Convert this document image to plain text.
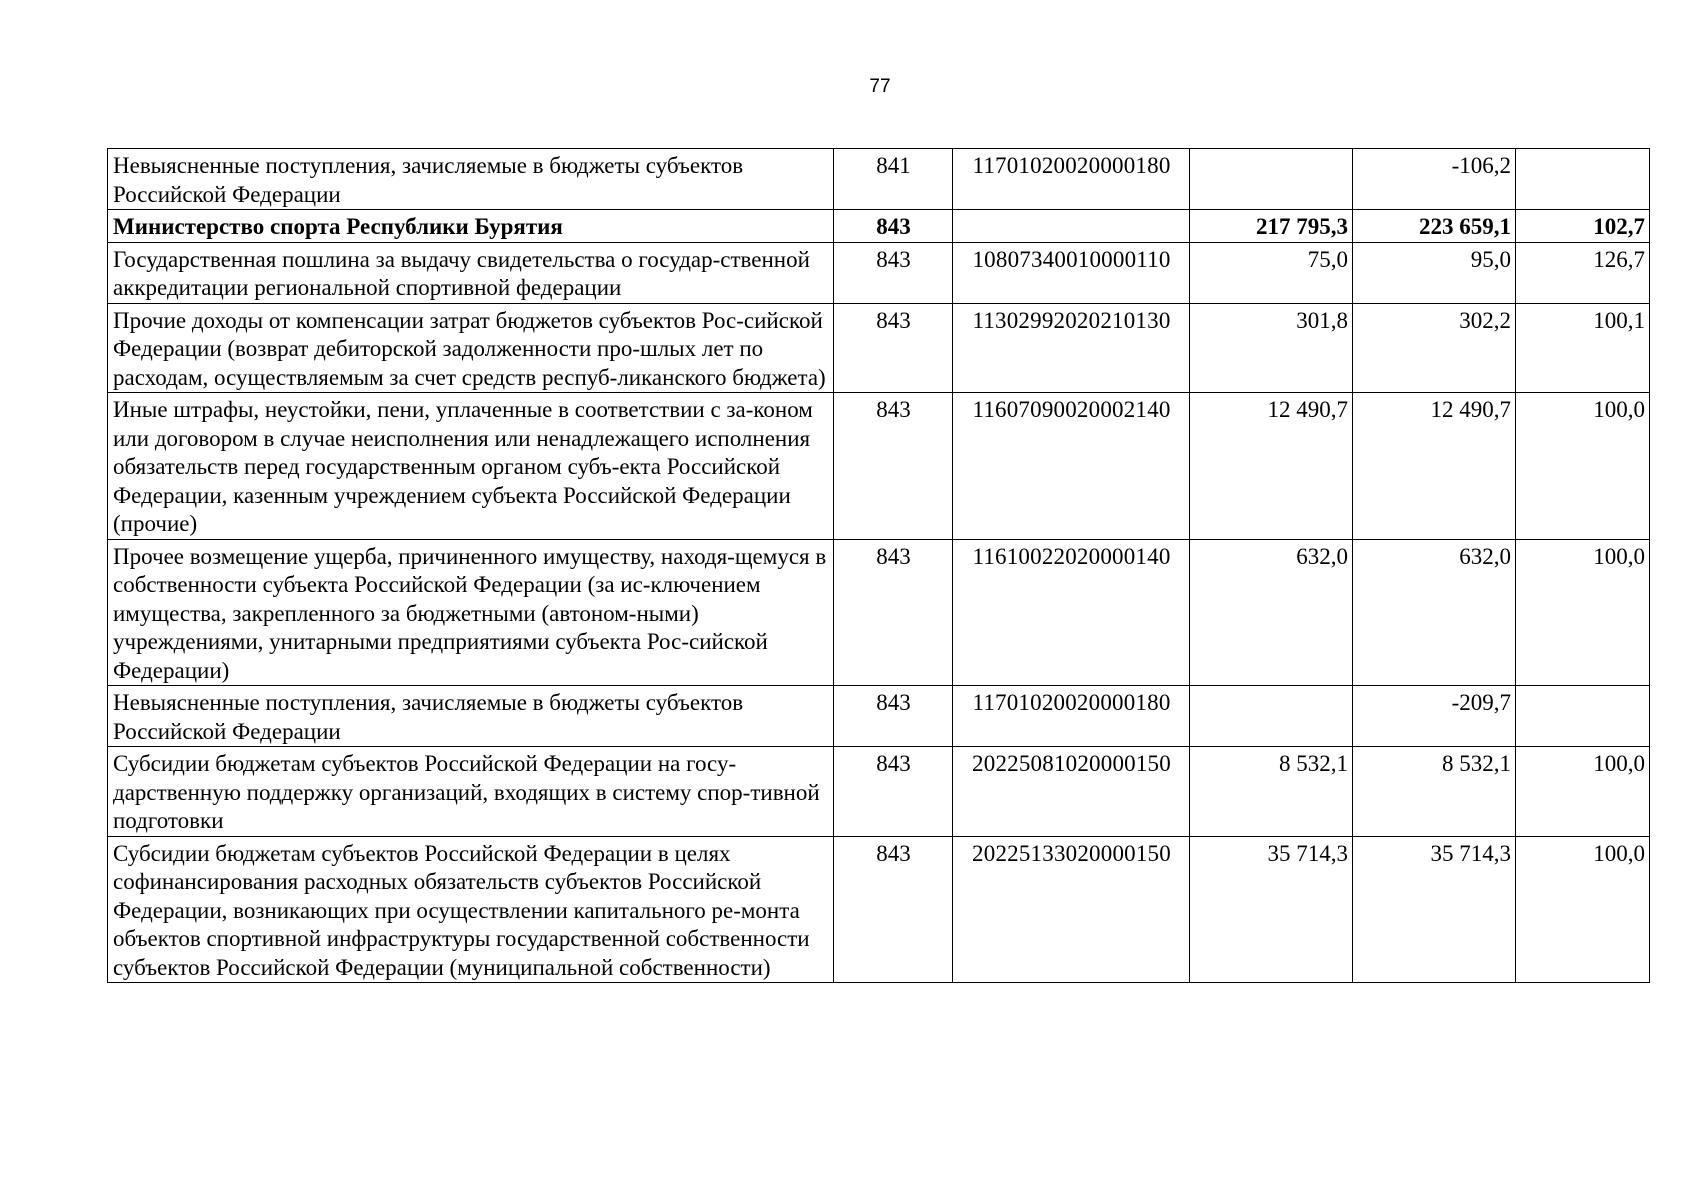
77
Невыясненные поступления, зачисляемые в бюджеты субъектов Российской Федерации	841	11701020020000180		-106,2	
Министерство спорта Республики Бурятия	843		217 795,3	223 659,1	102,7
Государственная пошлина за выдачу свидетельства о государ-ственной аккредитации региональной спортивной федерации	843	10807340010000110	75,0	95,0	126,7
Прочие доходы от компенсации затрат бюджетов субъектов Рос-сийской Федерации (возврат дебиторской задолженности про-шлых лет по расходам, осуществляемым за счет средств респуб-ликанского бюджета)	843	11302992020210130	301,8	302,2	100,1
Иные штрафы, неустойки, пени, уплаченные в соответствии с за-коном или договором в случае неисполнения или ненадлежащего исполнения обязательств перед государственным органом субъ-екта Российской Федерации, казенным учреждением субъекта Российской Федерации (прочие)	843	11607090020002140	12 490,7	12 490,7	100,0
Прочее возмещение ущерба, причиненного имуществу, находя-щемуся в собственности субъекта Российской Федерации (за ис-ключением имущества, закрепленного за бюджетными (автоном-ными) учреждениями, унитарными предприятиями субъекта Рос-сийской Федерации)	843	11610022020000140	632,0	632,0	100,0
Невыясненные поступления, зачисляемые в бюджеты субъектов Российской Федерации	843	11701020020000180		-209,7	
Субсидии бюджетам субъектов Российской Федерации на госу-дарственную поддержку организаций, входящих в систему спор-тивной подготовки	843	20225081020000150	8 532,1	8 532,1	100,0
Субсидии бюджетам субъектов Российской Федерации в целях софинансирования расходных обязательств субъектов Российской Федерации, возникающих при осуществлении капитального ре-монта объектов спортивной инфраструктуры государственной собственности субъектов Российской Федерации (муниципальной собственности)	843	20225133020000150	35 714,3	35 714,3	100,0
